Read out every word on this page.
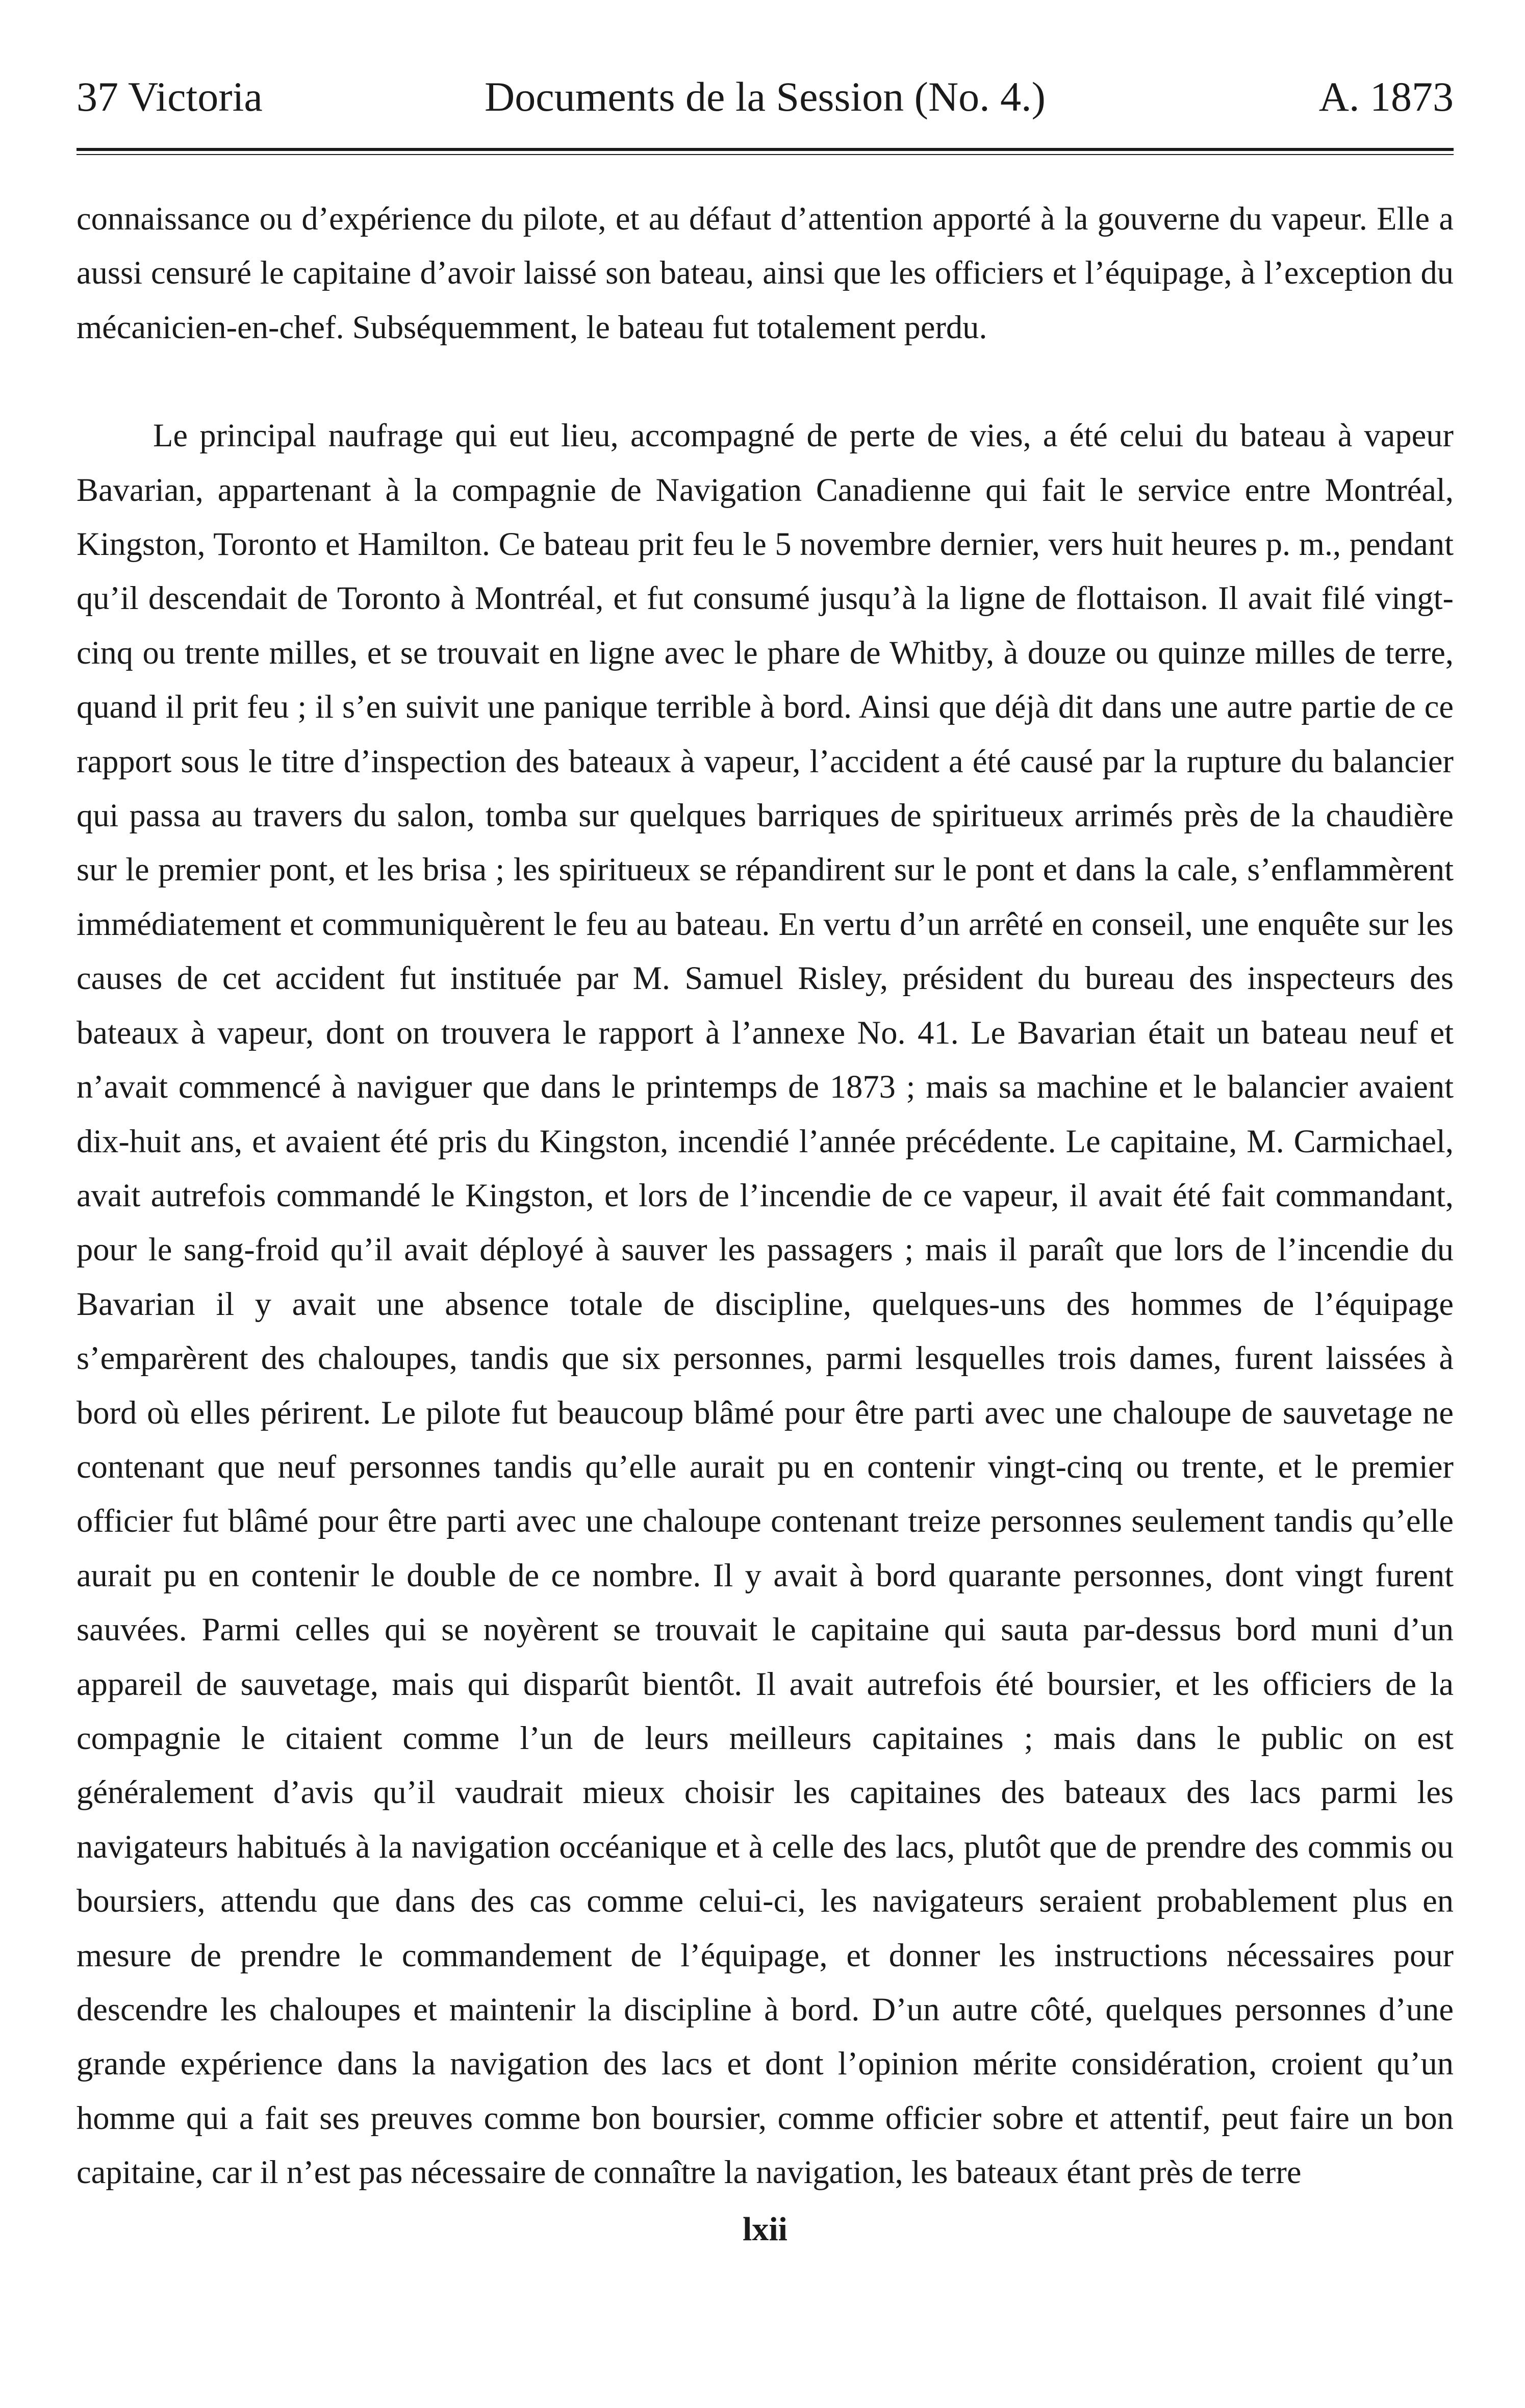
37 Victoria	Documents de la Session (No. 4.)	A. 1873

connaissance ou d’expérience du pilote, et au défaut d’attention apporté à la gouverne du vapeur. Elle a aussi censuré le capitaine d’avoir laissé son bateau, ainsi que les officiers et l’équipage, à l’exception du mécanicien-en-chef. Subséquemment, le bateau fut totalement perdu.

Le principal naufrage qui eut lieu, accompagné de perte de vies, a été celui du bateau à vapeur Bavarian, appartenant à la compagnie de Navigation Canadienne qui fait le service entre Montréal, Kingston, Toronto et Hamilton. Ce bateau prit feu le 5 novembre dernier, vers huit heures p. m., pendant qu’il descendait de Toronto à Montréal, et fut consumé jusqu’à la ligne de flottaison. Il avait filé vingt-cinq ou trente milles, et se trouvait en ligne avec le phare de Whitby, à douze ou quinze milles de terre, quand il prit feu ; il s’en suivit une panique terrible à bord. Ainsi que déjà dit dans une autre partie de ce rapport sous le titre d’inspection des bateaux à vapeur, l’accident a été causé par la rupture du balancier qui passa au travers du salon, tomba sur quelques barriques de spiritueux arrimés près de la chaudière sur le premier pont, et les brisa ; les spiritueux se répandirent sur le pont et dans la cale, s’enflammèrent immédiatement et communiquèrent le feu au bateau. En vertu d’un arrêté en conseil, une enquête sur les causes de cet accident fut instituée par M. Samuel Risley, président du bureau des inspecteurs des bateaux à vapeur, dont on trouvera le rapport à l’annexe No. 41. Le Bavarian était un bateau neuf et n’avait commencé à naviguer que dans le printemps de 1873 ; mais sa machine et le balancier avaient dix-huit ans, et avaient été pris du Kingston, incendié l’année précédente. Le capitaine, M. Carmichael, avait autrefois commandé le Kingston, et lors de l’incendie de ce vapeur, il avait été fait commandant, pour le sang-froid qu’il avait déployé à sauver les passagers ; mais il paraît que lors de l’incendie du Bavarian il y avait une absence totale de discipline, quelques-uns des hommes de l’équipage s’emparèrent des chaloupes, tandis que six personnes, parmi lesquelles trois dames, furent laissées à bord où elles périrent. Le pilote fut beaucoup blâmé pour être parti avec une chaloupe de sauvetage ne contenant que neuf personnes tandis qu’elle aurait pu en contenir vingt-cinq ou trente, et le premier officier fut blâmé pour être parti avec une chaloupe contenant treize personnes seulement tandis qu’elle aurait pu en contenir le double de ce nombre. Il y avait à bord quarante personnes, dont vingt furent sauvées. Parmi celles qui se noyèrent se trouvait le capitaine qui sauta par-dessus bord muni d’un appareil de sauvetage, mais qui disparût bientôt. Il avait autrefois été boursier, et les officiers de la compagnie le citaient comme l’un de leurs meilleurs capitaines ; mais dans le public on est généralement d’avis qu’il vaudrait mieux choisir les capitaines des bateaux des lacs parmi les navigateurs habitués à la navigation occéanique et à celle des lacs, plutôt que de prendre des commis ou boursiers, attendu que dans des cas comme celui-ci, les navigateurs seraient probablement plus en mesure de prendre le commandement de l’équipage, et donner les instructions nécessaires pour descendre les chaloupes et maintenir la discipline à bord. D’un autre côté, quelques personnes d’une grande expérience dans la navigation des lacs et dont l’opinion mérite considération, croient qu’un homme qui a fait ses preuves comme bon boursier, comme officier sobre et attentif, peut faire un bon capitaine, car il n’est pas nécessaire de connaître la navigation, les bateaux étant près de terre

lxii
